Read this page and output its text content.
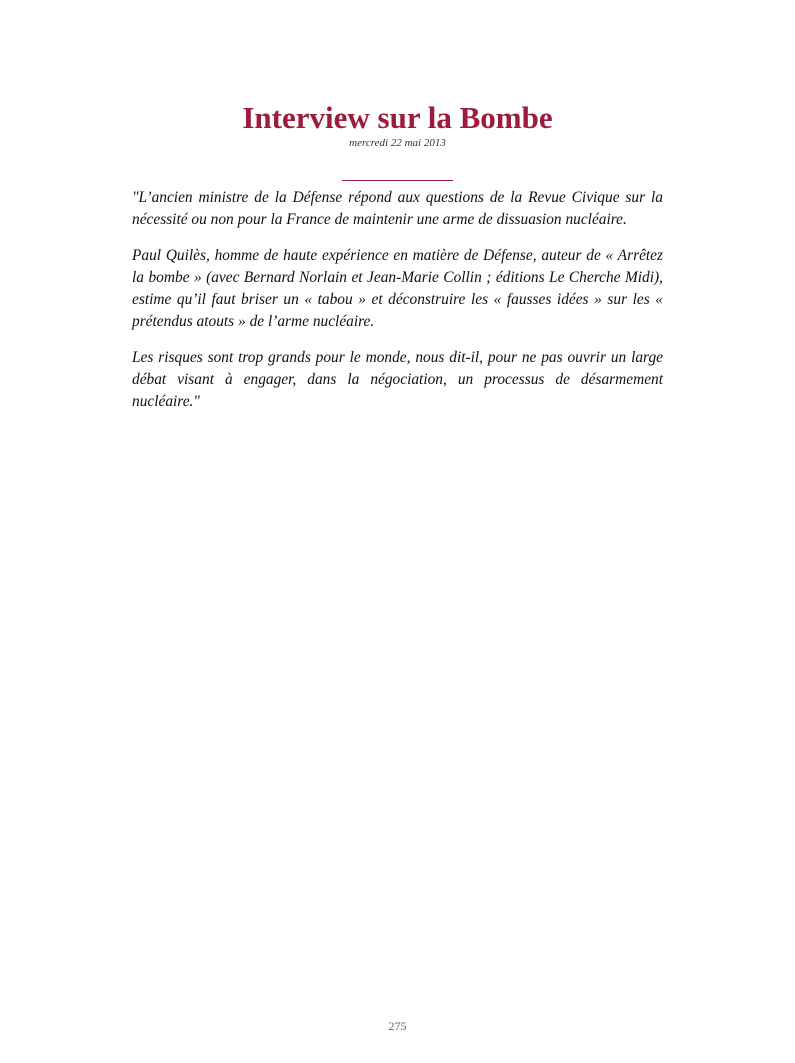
Interview sur la Bombe
mercredi 22 mai 2013

"L’ancien ministre de la Défense répond aux questions de la Revue Civique sur la nécessité ou non pour la France de maintenir une arme de dissuasion nucléaire.

Paul Quilès, homme de haute expérience en matière de Défense, auteur de « Arrêtez la bombe » (avec Bernard Norlain et Jean-Marie Collin ; éditions Le Cherche Midi), estime qu’il faut briser un « tabou » et déconstruire les « fausses idées » sur les « prétendus atouts » de l’arme nucléaire.

Les risques sont trop grands pour le monde, nous dit-il, pour ne pas ouvrir un large débat visant à engager, dans la négociation, un processus de désarmement nucléaire."

275
